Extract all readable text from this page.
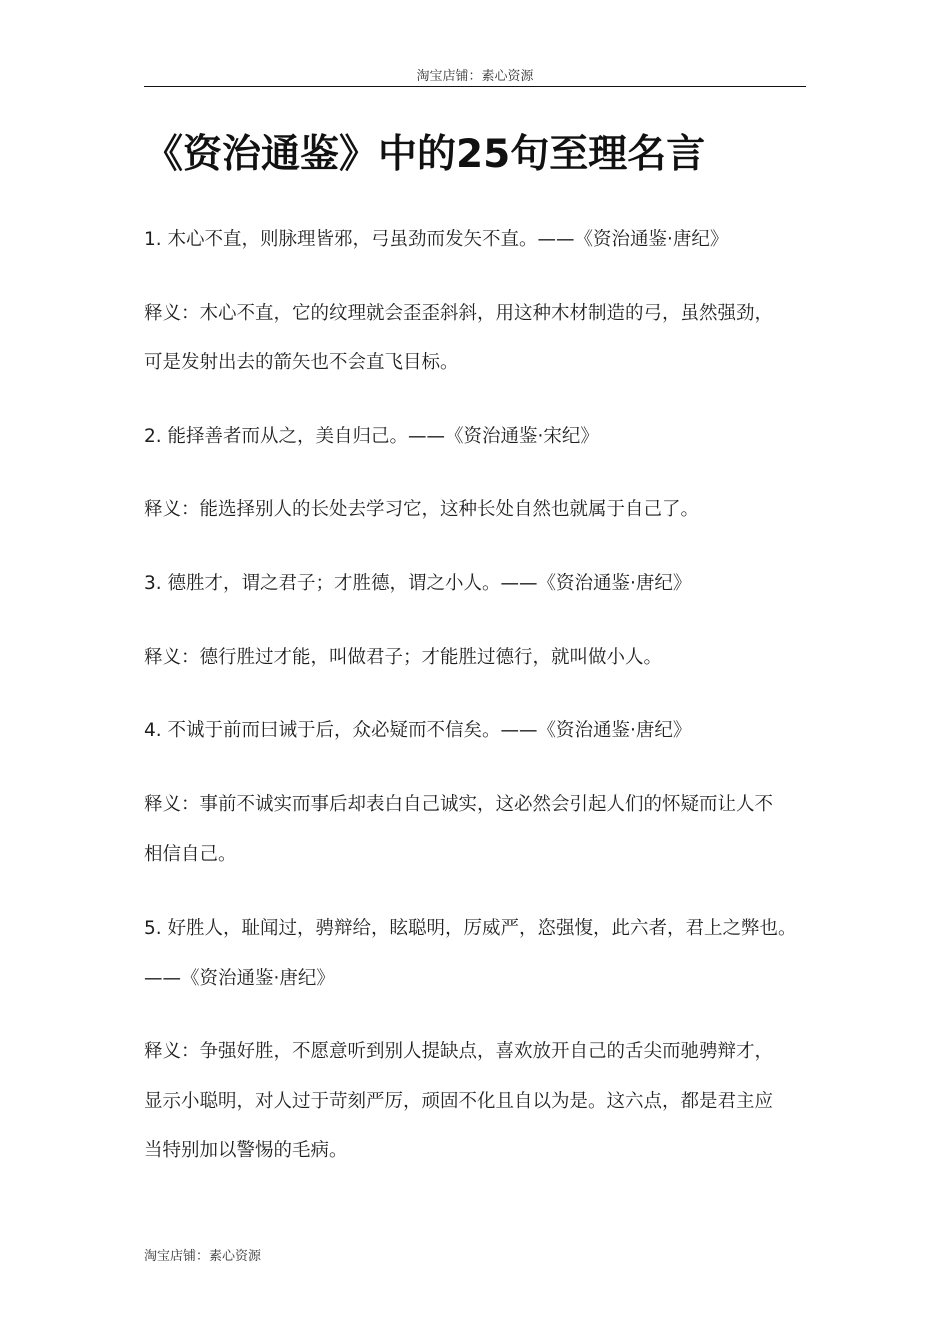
淘宝店铺：素心资源
《资治通鉴》中的25句至理名言
1. 木心不直，则脉理皆邪，弓虽劲而发矢不直。——《资治通鉴·唐纪》
释义：木心不直，它的纹理就会歪歪斜斜，用这种木材制造的弓，虽然强劲，
可是发射出去的箭矢也不会直飞目标。
2. 能择善者而从之，美自归己。——《资治通鉴·宋纪》
释义：能选择别人的长处去学习它，这种长处自然也就属于自己了。
3. 德胜才，谓之君子；才胜德，谓之小人。——《资治通鉴·唐纪》
释义：德行胜过才能，叫做君子；才能胜过德行，就叫做小人。
4. 不诚于前而曰诫于后，众必疑而不信矣。——《资治通鉴·唐纪》
释义：事前不诚实而事后却表白自己诚实，这必然会引起人们的怀疑而让人不
相信自己。
5. 好胜人，耻闻过，骋辩给，眩聪明，厉威严，恣强愎，此六者，君上之弊也。
——《资治通鉴·唐纪》
释义：争强好胜，不愿意听到别人提缺点，喜欢放开自己的舌尖而驰骋辩才，
显示小聪明，对人过于苛刻严厉，顽固不化且自以为是。这六点，都是君主应
当特别加以警惕的毛病。
淘宝店铺：素心资源
